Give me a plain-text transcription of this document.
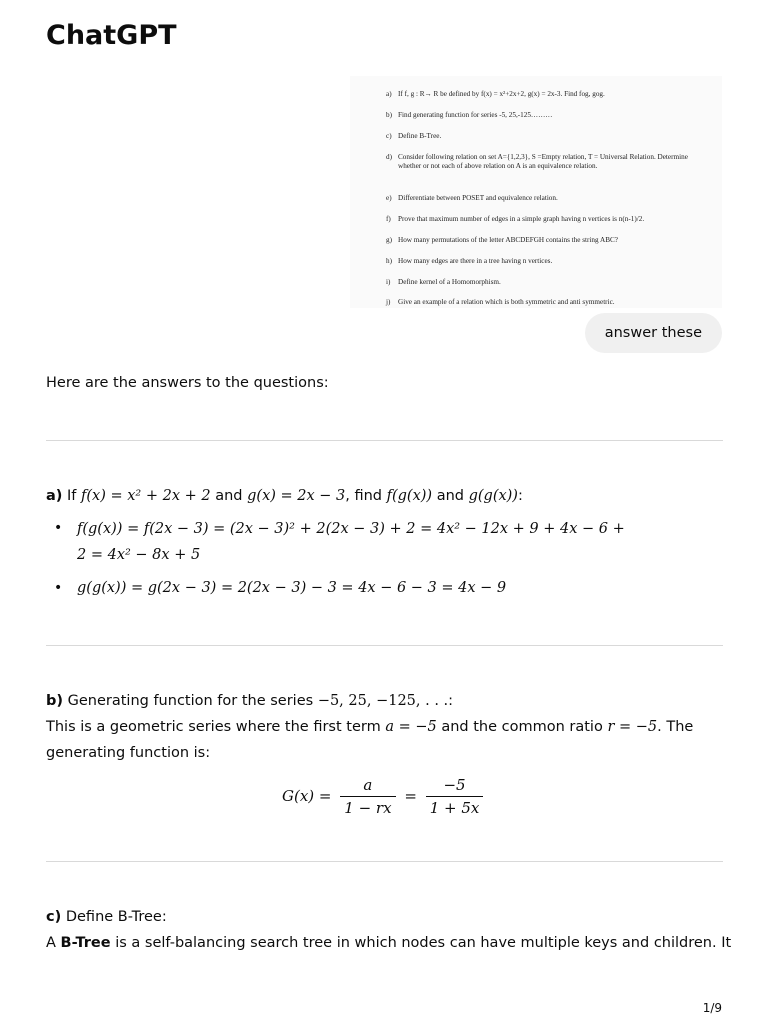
ChatGPT
a) If f, g : R→ R be defined by f(x) = x²+2x+2, g(x) = 2x-3. Find fog, gog.
b) Find generating function for series -5, 25,-125………
c) Define B-Tree.
d) Consider following relation on set A={1,2,3}, S =Empty relation, T = Universal Relation. Determine whether or not each of above relation on A is an equivalence relation.
e) Differentiate between POSET and equivalence relation.
f) Prove that maximum number of edges in a simple graph having n vertices is n(n-1)/2.
g) How many permutations of the letter ABCDEFGH contains the string ABC?
h) How many edges are there in a tree having n vertices.
i) Define kernel of a Homomorphism.
j) Give an example of a relation which is both symmetric and anti symmetric.
answer these
Here are the answers to the questions:
a) If f(x) = x² + 2x + 2 and g(x) = 2x − 3, find f(g(x)) and g(g(x)):
• f(g(x)) = f(2x − 3) = (2x − 3)² + 2(2x − 3) + 2 = 4x² − 12x + 9 + 4x − 6 +
2 = 4x² − 8x + 5
• g(g(x)) = g(2x − 3) = 2(2x − 3) − 3 = 4x − 6 − 3 = 4x − 9
b) Generating function for the series −5, 25, −125, . . .:
This is a geometric series where the first term a = −5 and the common ratio r = −5. The
generating function is:
$G(x) = \frac{a}{1 - rx} = \frac{-5}{1 + 5x}$
c) Define B-Tree:
A B-Tree is a self-balancing search tree in which nodes can have multiple keys and children. It
1/9
